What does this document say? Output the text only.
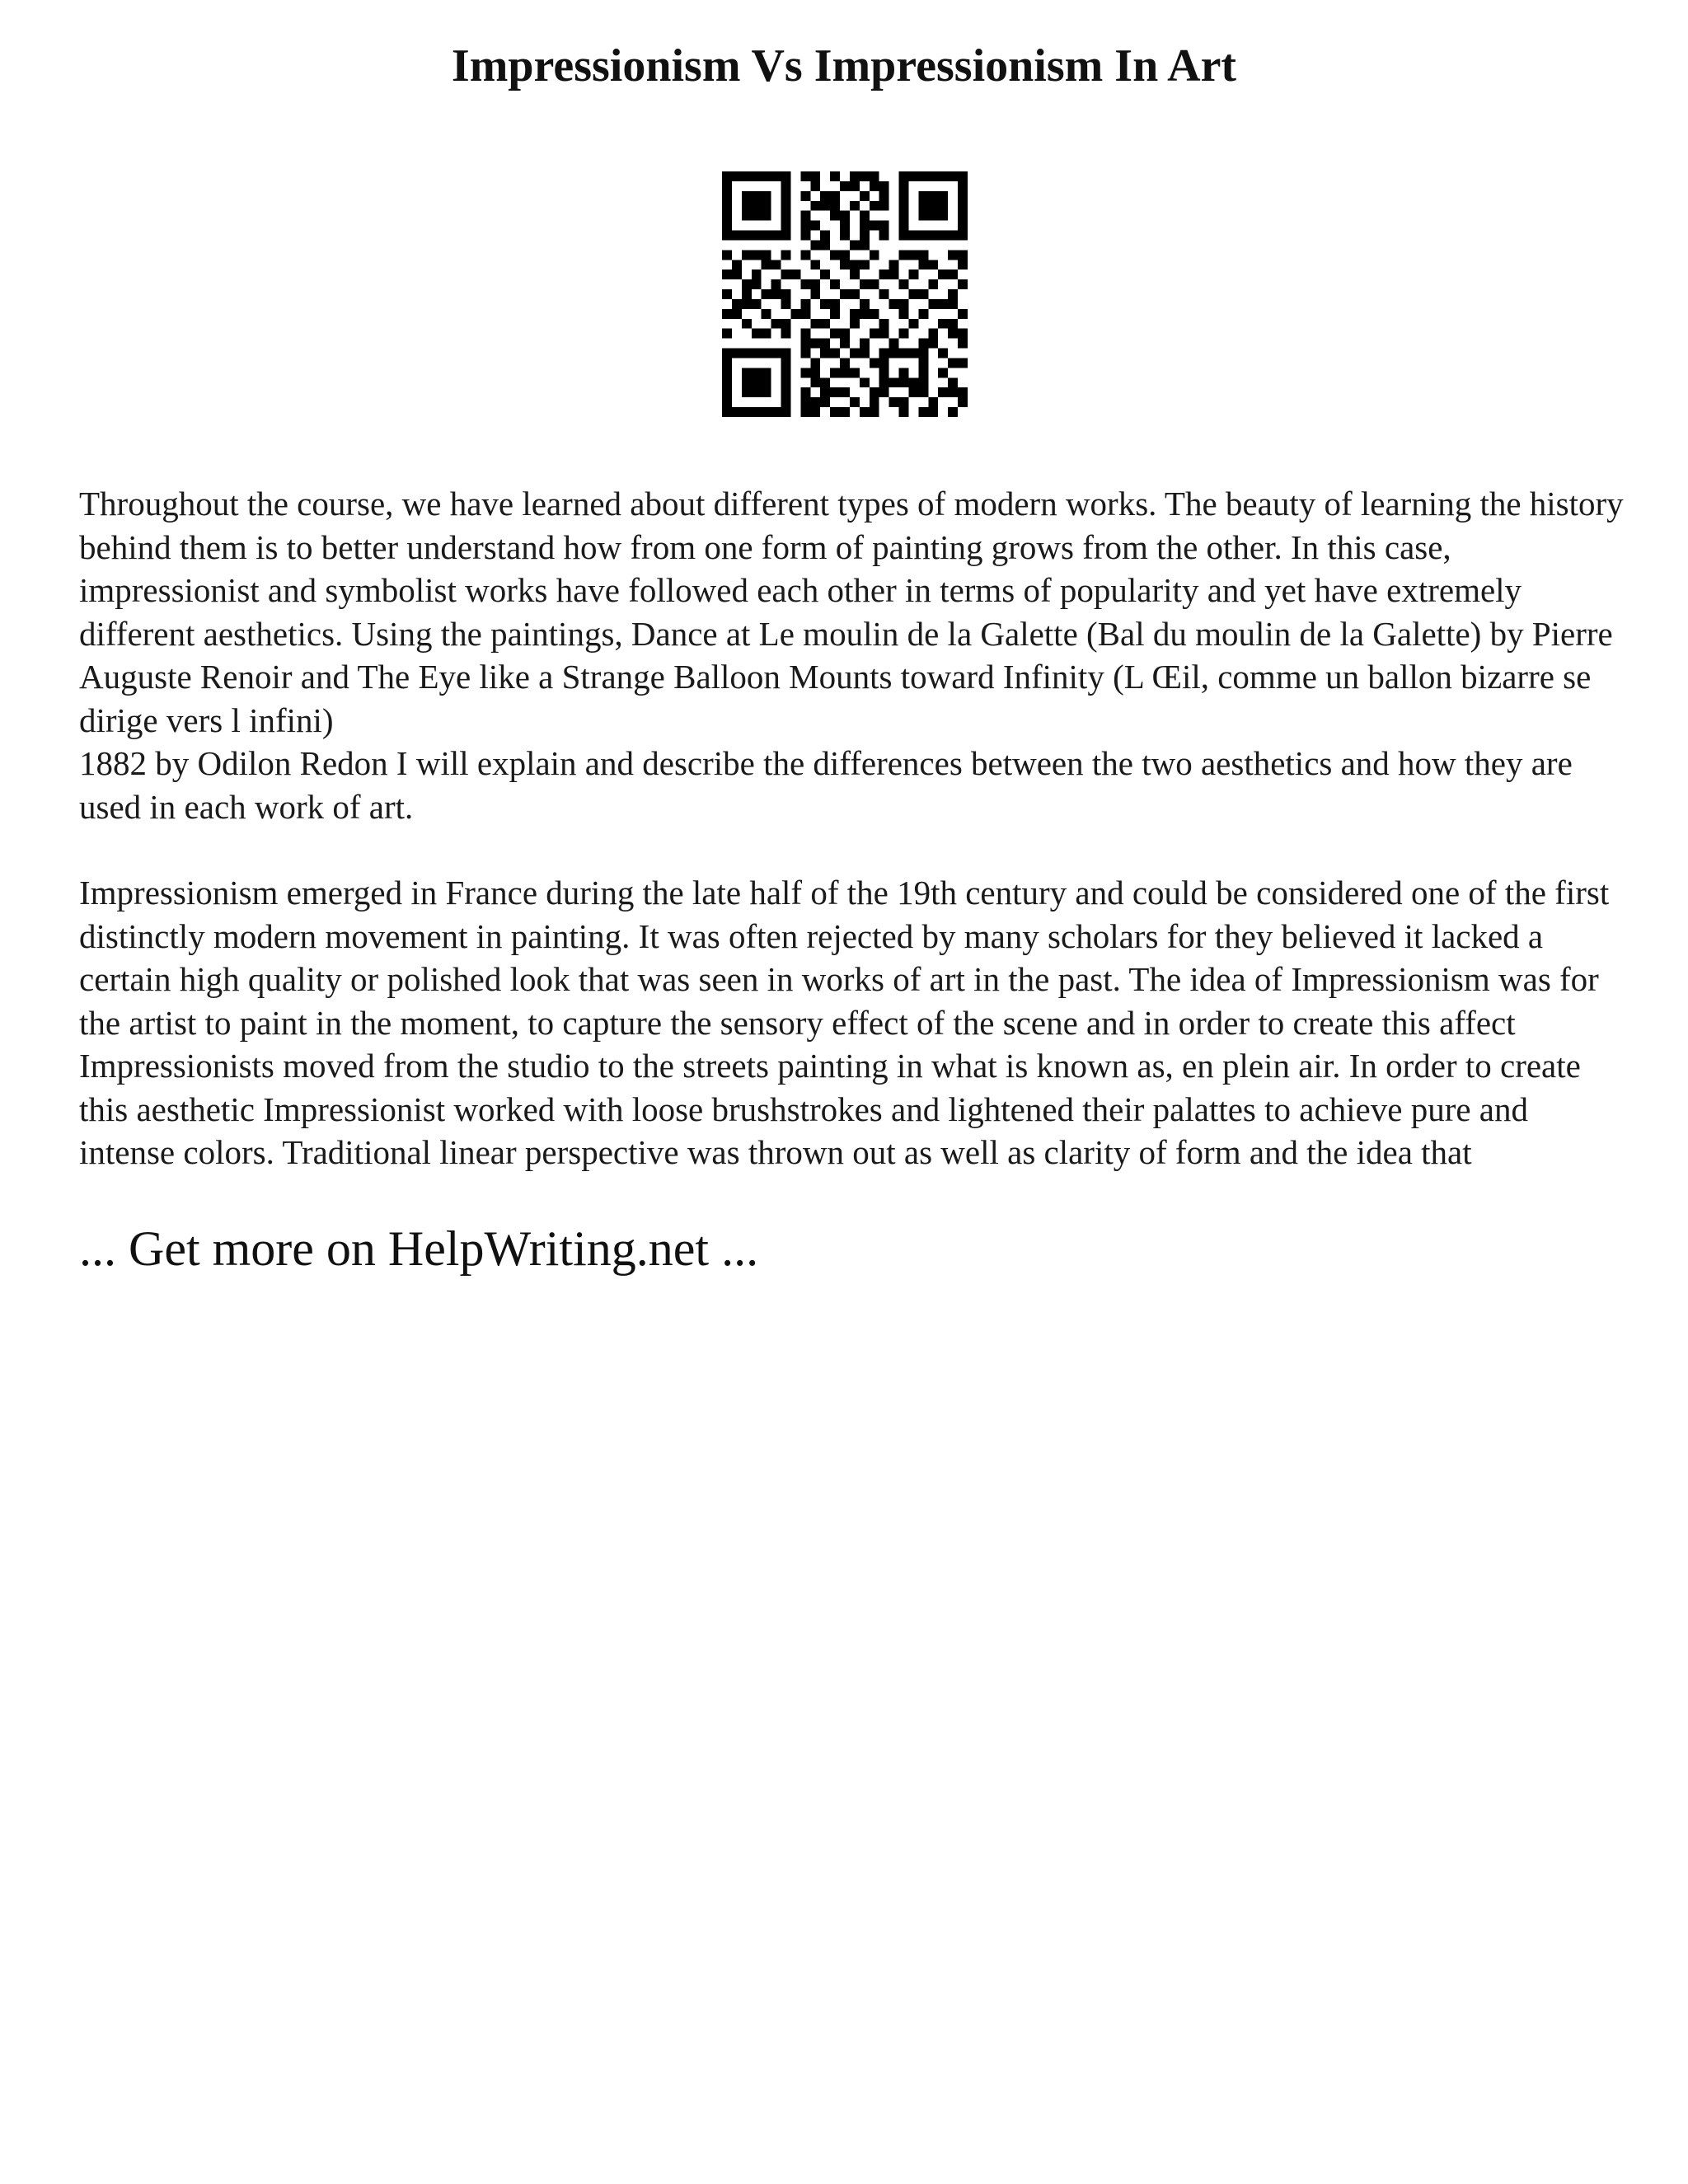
Impressionism Vs Impressionism In Art

Throughout the course, we have learned about different types of modern works. The beauty of learning the history behind them is to better understand how from one form of painting grows from the other. In this case, impressionist and symbolist works have followed each other in terms of popularity and yet have extremely different aesthetics. Using the paintings, Dance at Le moulin de la Galette (Bal du moulin de la Galette) by Pierre Auguste Renoir and The Eye like a Strange Balloon Mounts toward Infinity (L Œil, comme un ballon bizarre se dirige vers l infini)
1882 by Odilon Redon I will explain and describe the differences between the two aesthetics and how they are used in each work of art.

Impressionism emerged in France during the late half of the 19th century and could be considered one of the first distinctly modern movement in painting. It was often rejected by many scholars for they believed it lacked a certain high quality or polished look that was seen in works of art in the past. The idea of Impressionism was for the artist to paint in the moment, to capture the sensory effect of the scene and in order to create this affect Impressionists moved from the studio to the streets painting in what is known as, en plein air. In order to create this aesthetic Impressionist worked with loose brushstrokes and lightened their palattes to achieve pure and intense colors. Traditional linear perspective was thrown out as well as clarity of form and the idea that

... Get more on HelpWriting.net ...
